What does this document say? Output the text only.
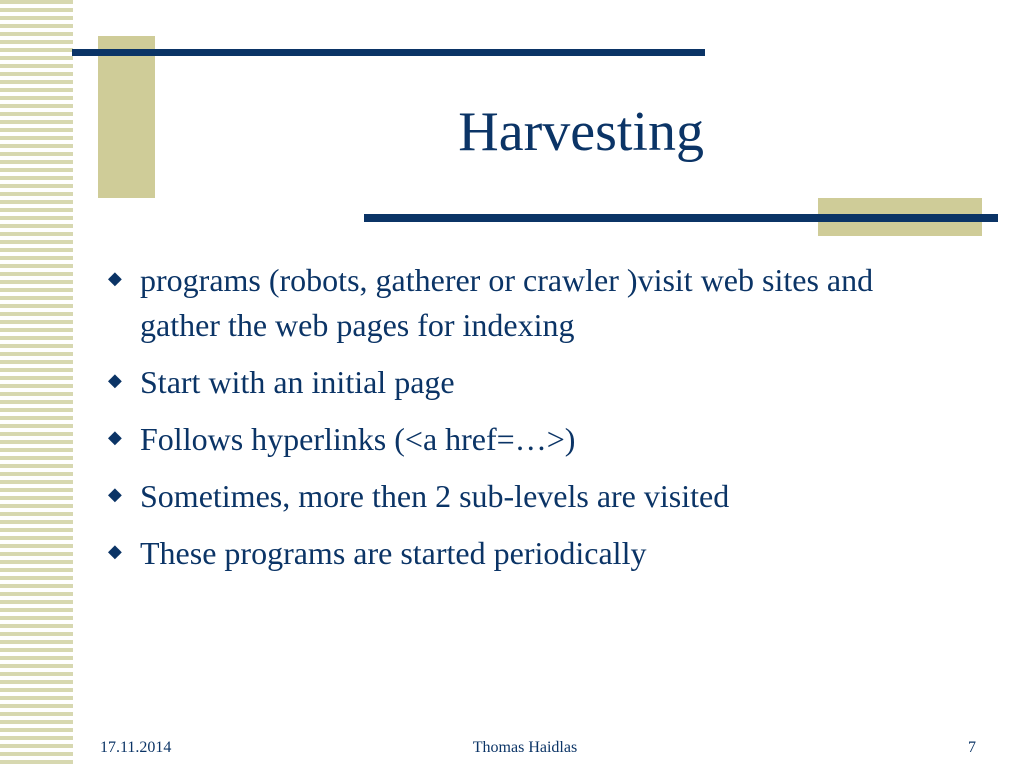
Harvesting
◆ programs (robots, gatherer or crawler )visit web sites and gather the web pages for indexing
◆ Start with an initial page
◆ Follows hyperlinks (<a href=…>)
◆ Sometimes, more then 2 sub-levels are visited
◆ These programs are started periodically
17.11.2014	Thomas Haidlas	7
